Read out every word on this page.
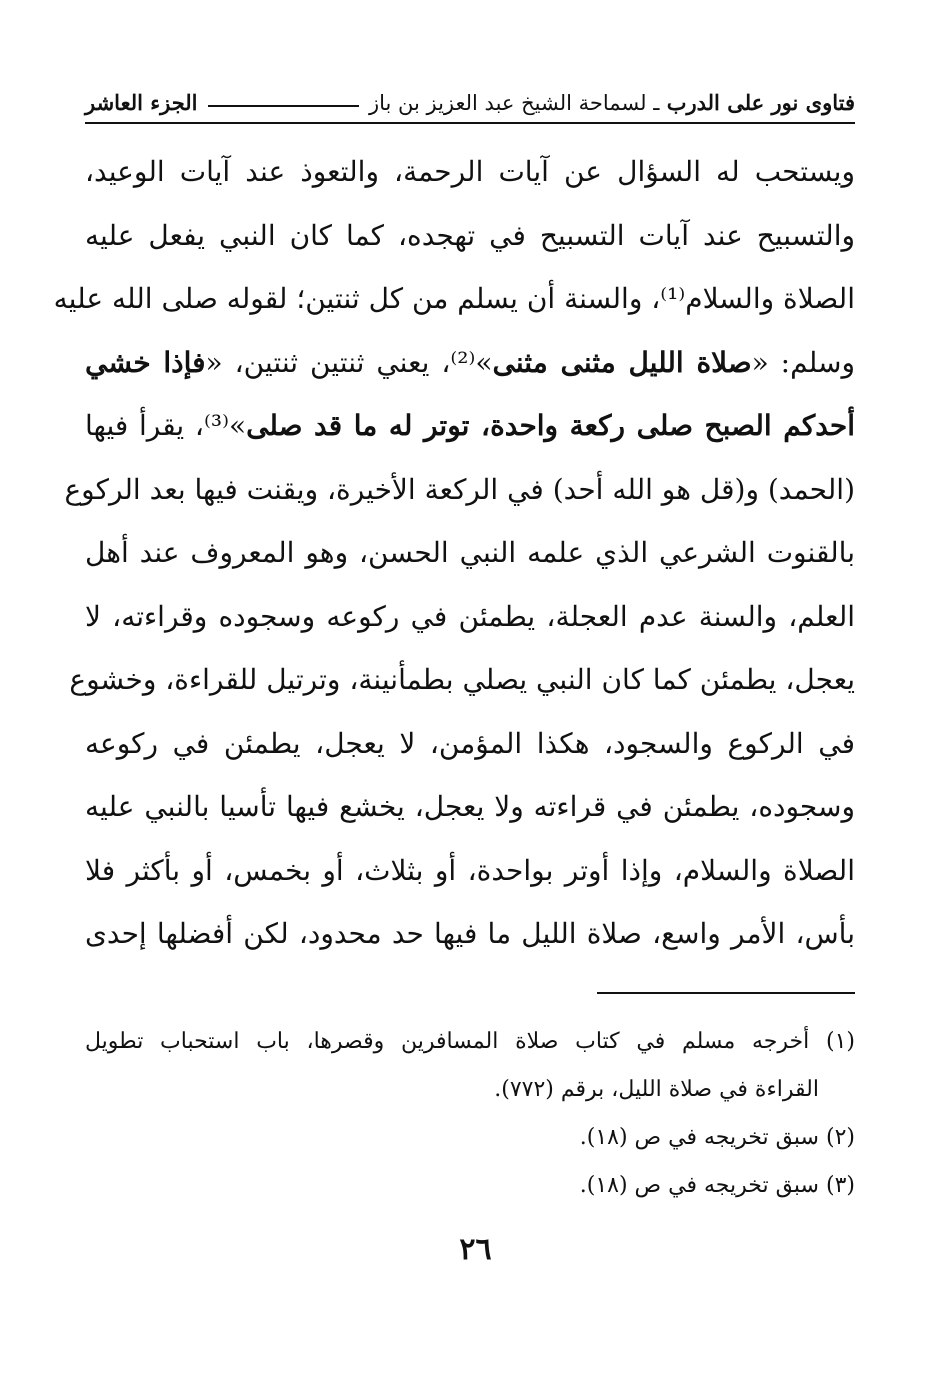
فتاوى نور على الدرب ـ لسماحة الشيخ عبد العزيز بن باز
الجزء العاشر
ويستحب له السؤال عن آيات الرحمة، والتعوذ عند آيات الوعيد،
والتسبيح عند آيات التسبيح في تهجده، كما كان النبي يفعل عليه
الصلاة والسلام⁽¹⁾، والسنة أن يسلم من كل ثنتين؛ لقوله صلى الله عليه
وسلم: «صلاة الليل مثنى مثنى»⁽²⁾، يعني ثنتين ثنتين، «فإذا خشي
أحدكم الصبح صلى ركعة واحدة، توتر له ما قد صلى»⁽³⁾، يقرأ فيها
(الحمد) و(قل هو الله أحد) في الركعة الأخيرة، ويقنت فيها بعد الركوع
بالقنوت الشرعي الذي علمه النبي الحسن، وهو المعروف عند أهل
العلم، والسنة عدم العجلة، يطمئن في ركوعه وسجوده وقراءته، لا
يعجل، يطمئن كما كان النبي يصلي بطمأنينة، وترتيل للقراءة، وخشوع
في الركوع والسجود، هكذا المؤمن، لا يعجل، يطمئن في ركوعه
وسجوده، يطمئن في قراءته ولا يعجل، يخشع فيها تأسيا بالنبي عليه
الصلاة والسلام، وإذا أوتر بواحدة، أو بثلاث، أو بخمس، أو بأكثر فلا
بأس، الأمر واسع، صلاة الليل ما فيها حد محدود، لكن أفضلها إحدى
(١) أخرجه مسلم في كتاب صلاة المسافرين وقصرها، باب استحباب تطويل
القراءة في صلاة الليل، برقم (٧٧٢).
(٢) سبق تخريجه في ص (١٨).
(٣) سبق تخريجه في ص (١٨).
٢٦
